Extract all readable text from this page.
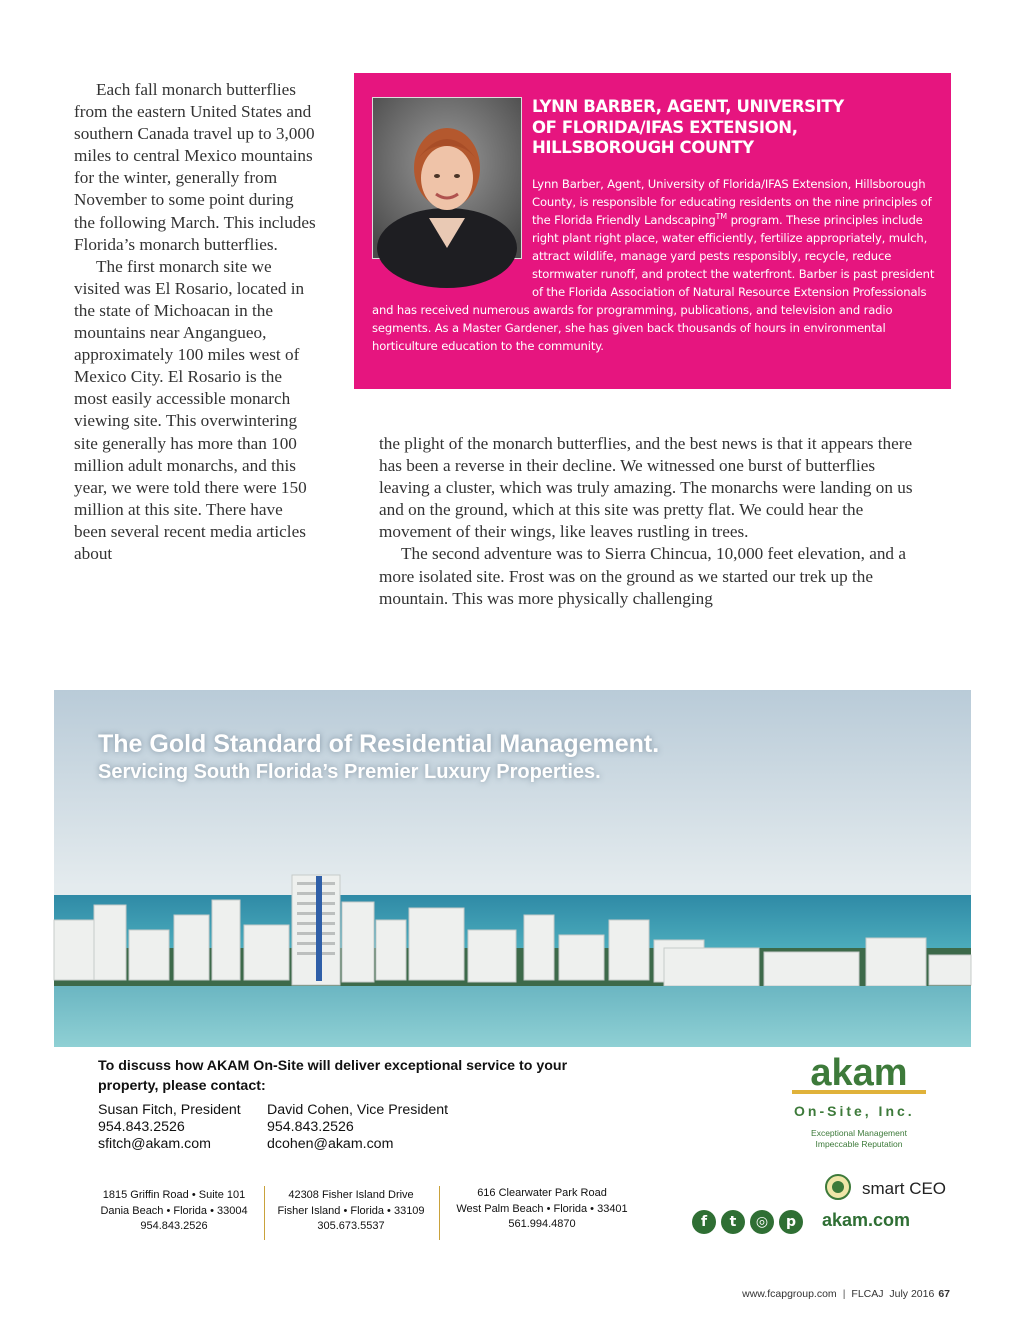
Each fall monarch butterflies from the eastern United States and southern Canada travel up to 3,000 miles to central Mexico mountains for the winter, generally from November to some point during the following March. This includes Florida’s monarch butterflies.

The first monarch site we visited was El Rosario, located in the state of Michoacan in the mountains near Angangueo, approximately 100 miles west of Mexico City. El Rosario is the most easily accessible monarch viewing site. This overwintering site generally has more than 100 million adult monarchs, and this year, we were told there were 150 million at this site. There have been several recent media articles about

LYNN BARBER, AGENT, UNIVERSITY OF FLORIDA/IFAS EXTENSION, HILLSBOROUGH COUNTY
Lynn Barber, Agent, University of Florida/IFAS Extension, Hillsborough County, is responsible for educating residents on the nine principles of the Florida Friendly Landscaping™ program. These principles include right plant right place, water efficiently, fertilize appropriately, mulch, attract wildlife, manage yard pests responsibly, recycle, reduce stormwater runoff, and protect the waterfront. Barber is past president of the Florida Association of Natural Resource Extension Professionals and has received numerous awards for programming, publications, and television and radio segments. As a Master Gardener, she has given back thousands of hours in environmental horticulture education to the community.

the plight of the monarch butterflies, and the best news is that it appears there has been a reverse in their decline. We witnessed one burst of butterflies leaving a cluster, which was truly amazing. The monarchs were landing on us and on the ground, which at this site was pretty flat. We could hear the movement of their wings, like leaves rustling in trees.

The second adventure was to Sierra Chincua, 10,000 feet elevation, and a more isolated site. Frost was on the ground as we started our trek up the mountain. This was more physically challenging

The Gold Standard of Residential Management.
Servicing South Florida’s Premier Luxury Properties.
To discuss how AKAM On-Site will deliver exceptional service to your property, please contact:
Susan Fitch, President
954.843.2526
sfitch@akam.com
David Cohen, Vice President
954.843.2526
dcohen@akam.com
1815 Griffin Road • Suite 101
Dania Beach • Florida • 33004
954.843.2526
42308 Fisher Island Drive
Fisher Island • Florida • 33109
305.673.5537
616 Clearwater Park Road
West Palm Beach • Florida • 33401
561.994.4870
akam
On-Site, Inc.
Exceptional Management
Impeccable Reputation
smart CEO
f	t	◎	p	akam.com
www.fcapgroup.com | FLCAJ July 2016 67
